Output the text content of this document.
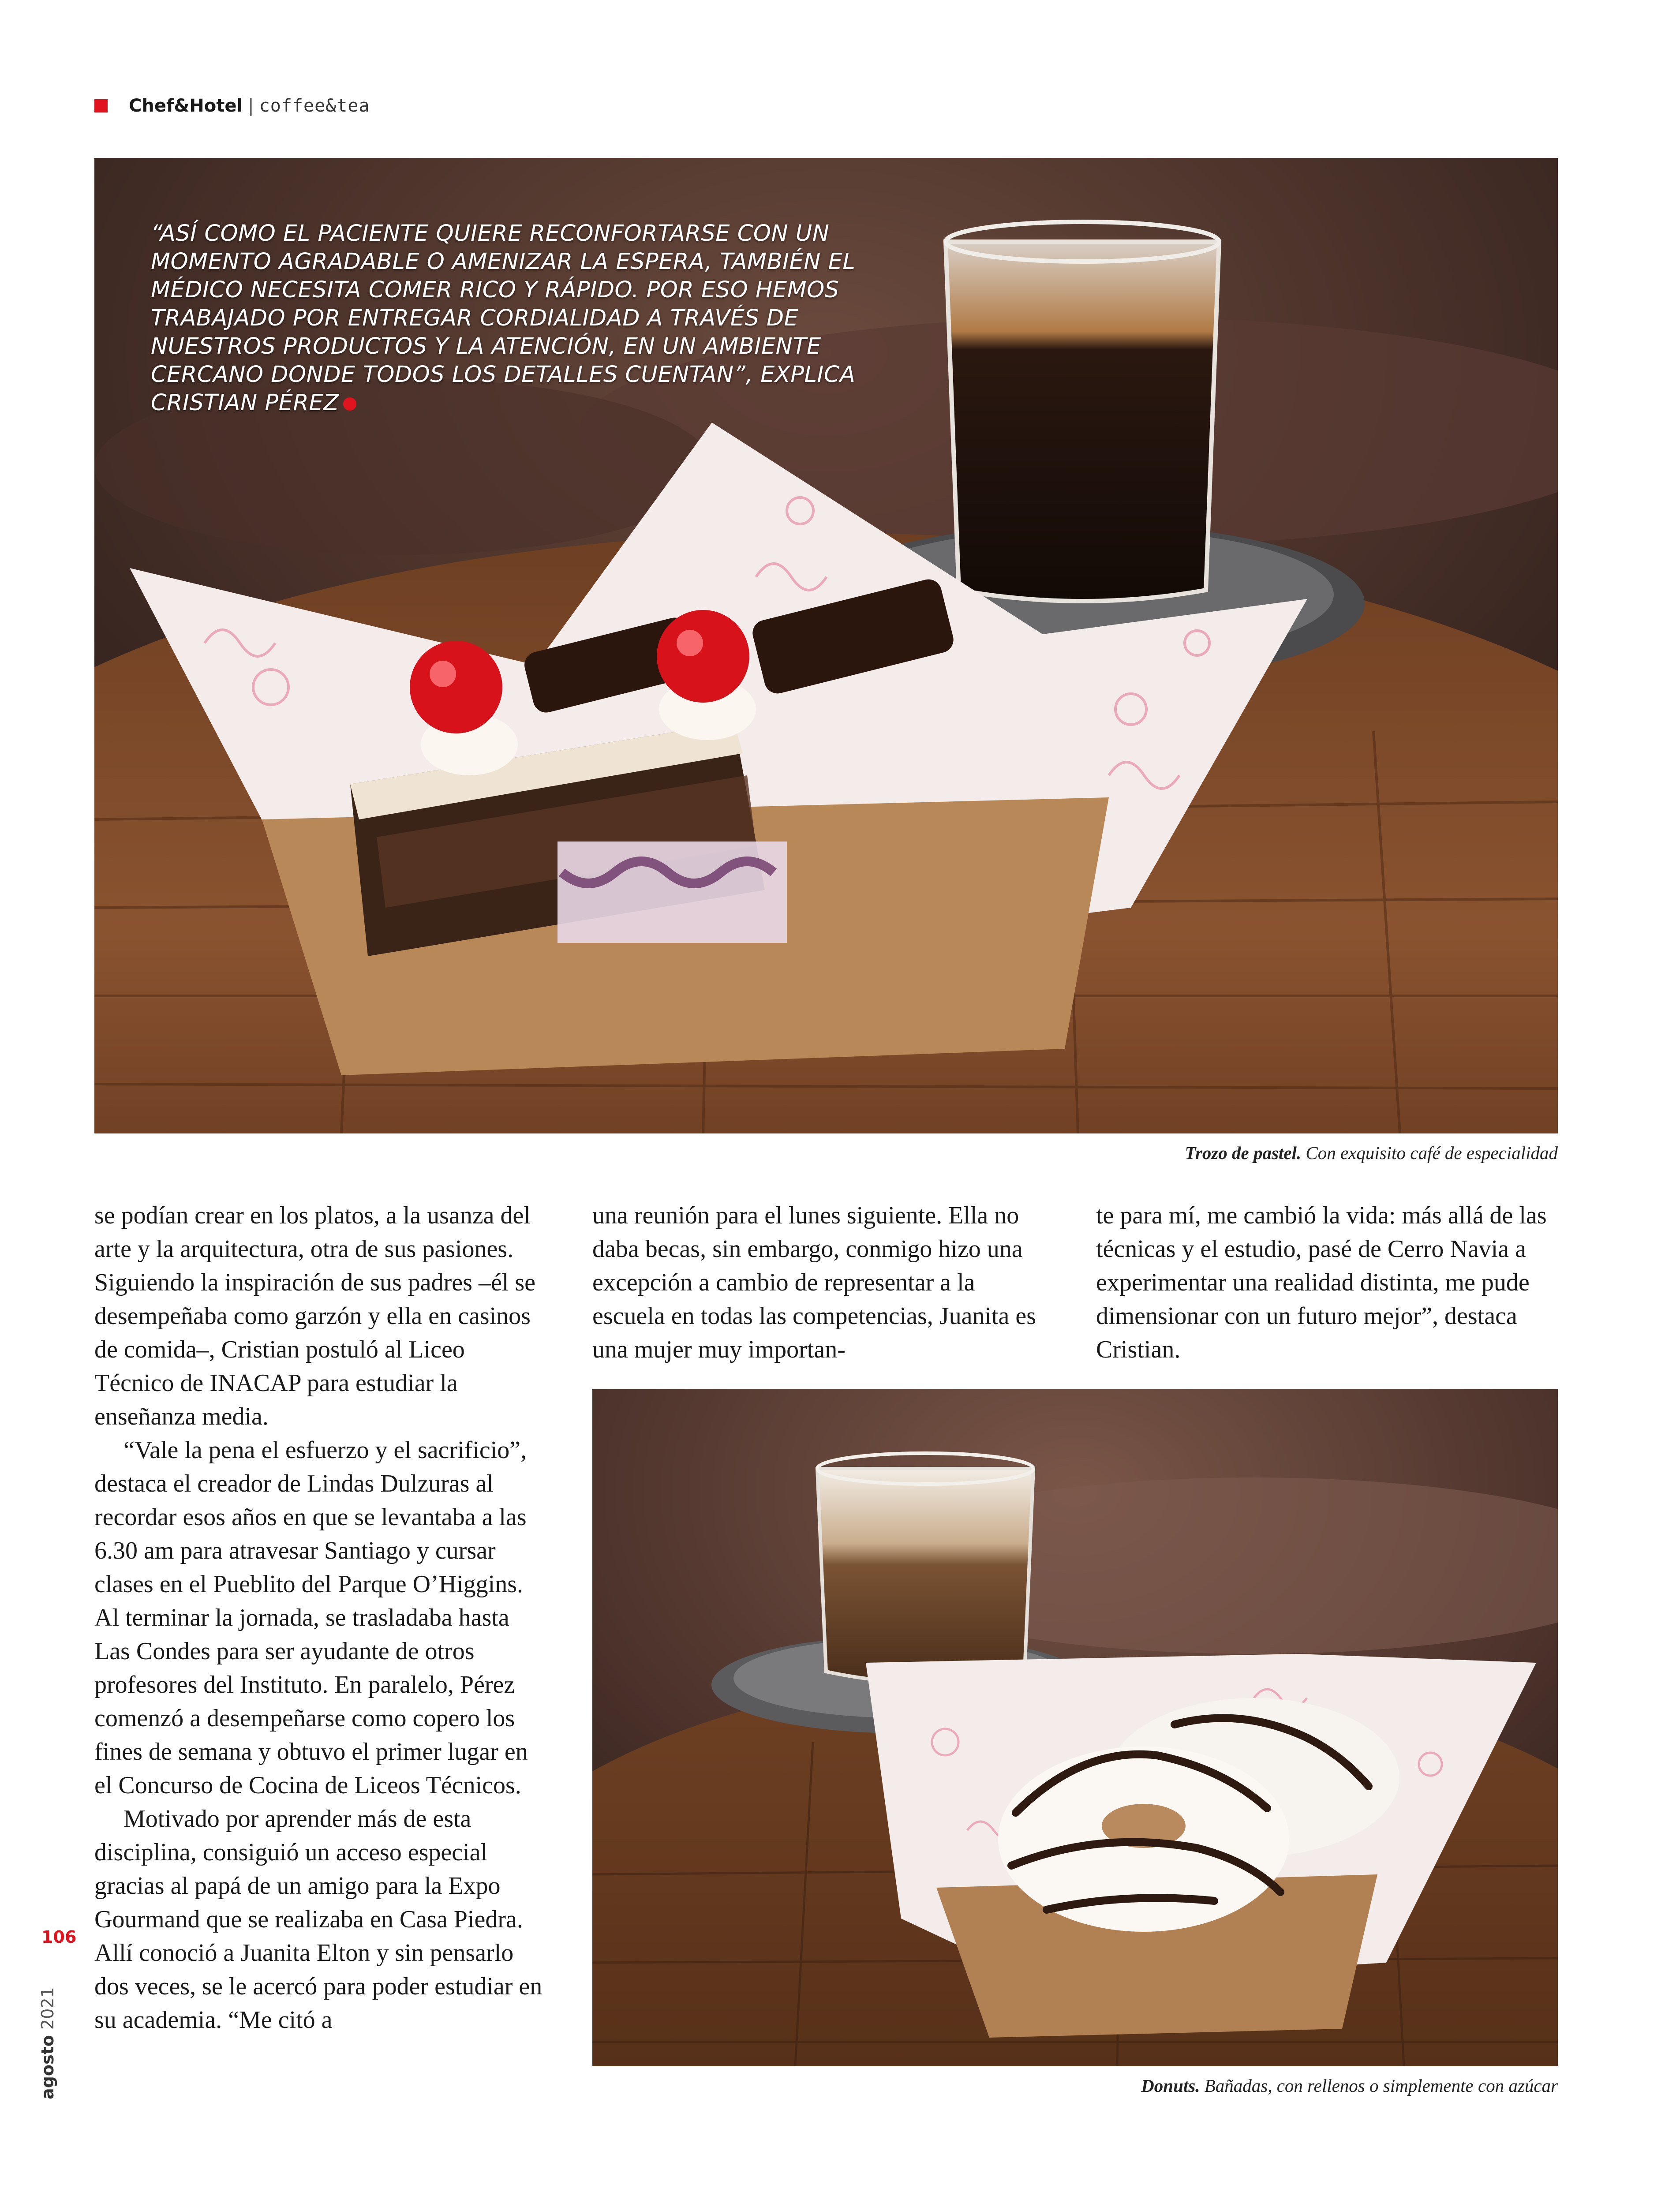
Chef&Hotel | coffee&tea
“ASÍ COMO EL PACIENTE QUIERE RECONFORTARSE CON UN MOMENTO AGRADABLE O AMENIZAR LA ESPERA, TAMBIÉN EL MÉDICO NECESITA COMER RICO Y RÁPIDO. POR ESO HEMOS TRABAJADO POR ENTREGAR CORDIALIDAD A TRAVÉS DE NUESTROS PRODUCTOS Y LA ATENCIÓN, EN UN AMBIENTE CERCANO DONDE TODOS LOS DETALLES CUENTAN”, EXPLICA CRISTIAN PÉREZ
Trozo de pastel. Con exquisito café de especialidad

se podían crear en los platos, a la usanza del arte y la arquitectura, otra de sus pasiones. Siguiendo la inspiración de sus padres –él se desempeñaba como garzón y ella en casinos de comida–, Cristian postuló al Liceo Técnico de INACAP para estudiar la enseñanza media.

“Vale la pena el esfuerzo y el sacrificio”, destaca el creador de Lindas Dulzuras al recordar esos años en que se levantaba a las 6.30 am para atravesar Santiago y cursar clases en el Pueblito del Parque O’Higgins. Al terminar la jornada, se trasladaba hasta Las Condes para ser ayudante de otros profesores del Instituto. En paralelo, Pérez comenzó a desempeñarse como copero los fines de semana y obtuvo el primer lugar en el Concurso de Cocina de Liceos Técnicos.

Motivado por aprender más de esta disciplina, consiguió un acceso especial gracias al papá de un amigo para la Expo Gourmand que se realizaba en Casa Piedra. Allí conoció a Juanita Elton y sin pensarlo dos veces, se le acercó para poder estudiar en su academia. “Me citó a

una reunión para el lunes siguiente. Ella no daba becas, sin embargo, conmigo hizo una excepción a cambio de representar a la escuela en todas las competencias, Juanita es una mujer muy importan-

te para mí, me cambió la vida: más allá de las técnicas y el estudio, pasé de Cerro Navia a experimentar una realidad distinta, me pude dimensionar con un futuro mejor”, destaca Cristian.

Donuts. Bañadas, con rellenos o simplemente con azúcar
106
agosto 2021
